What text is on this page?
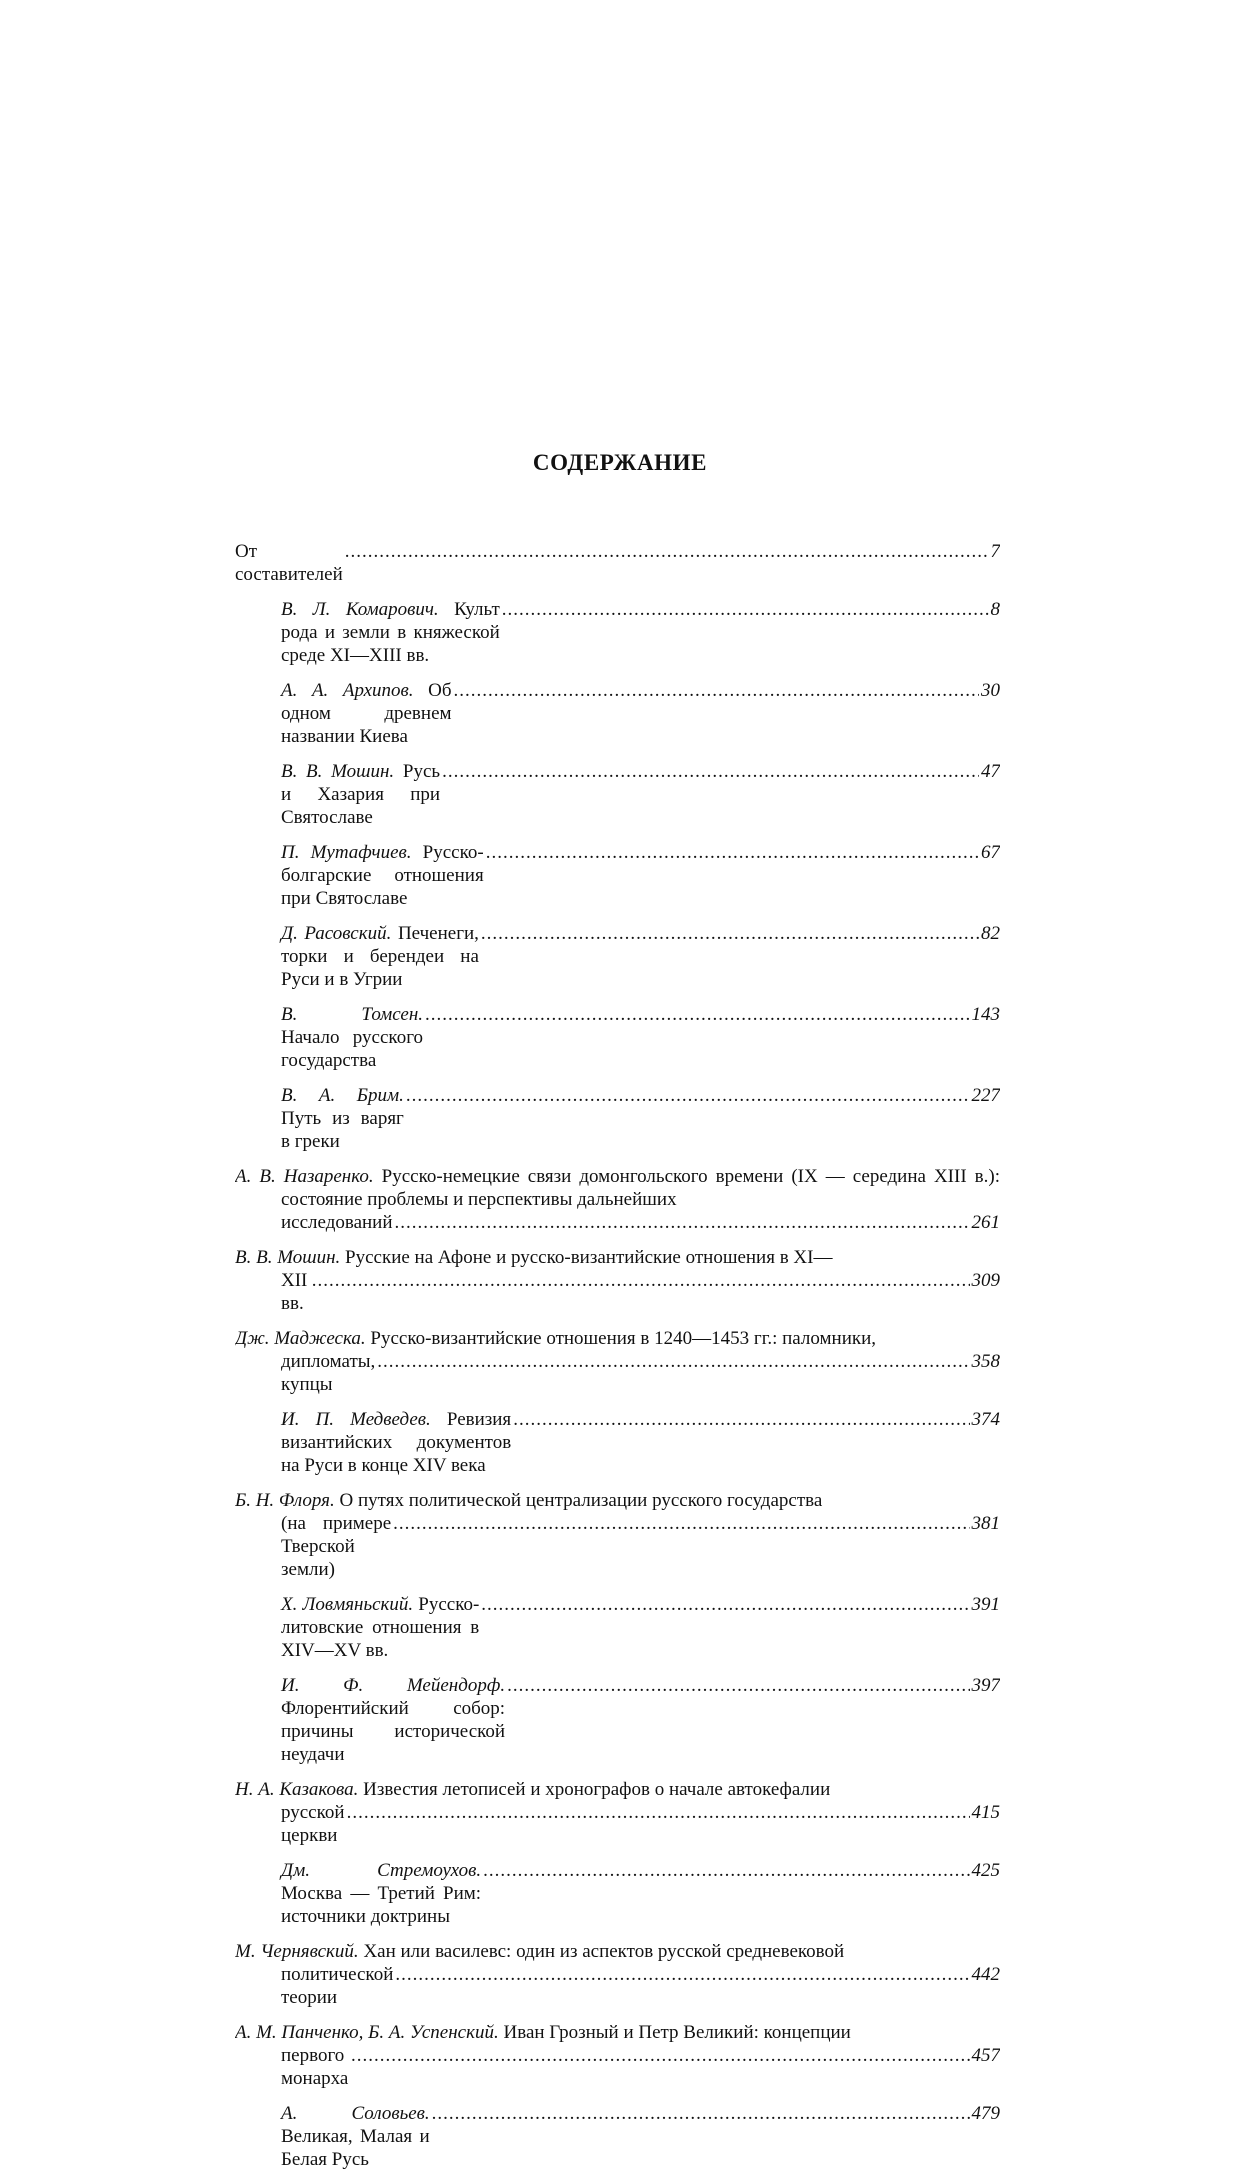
СОДЕРЖАНИЕ
От составителей
.....
7
В. Л. Комарович. Культ рода и земли в княжеской среде XI—XIII вв.
.....
8
А. А. Архипов. Об одном древнем названии Киева
.....
30
В. В. Мошин. Русь и Хазария при Святославе
.....
47
П. Мутафчиев. Русско-болгарские отношения при Святославе
.....
67
Д. Расовский. Печенеги, торки и берендеи на Руси и в Угрии
.....
82
В. Томсен. Начало русского государства
.....
143
В. А. Брим. Путь из варяг в греки
.....
227
А. В. Назаренко. Русско-немецкие связи домонгольского времени (IX — середина XIII в.): состояние проблемы и перспективы дальнейших
исследований
.....	261
В. В. Мошин. Русские на Афоне и русско-византийские отношения в XI—
XII вв.
.....
309
Дж. Маджеска. Русско-византийские отношения в 1240—1453 гг.: паломники,
дипломаты, купцы
.....
358
И. П. Медведев. Ревизия византийских документов на Руси в конце XIV века
.....
374
Б. Н. Флоря. О путях политической централизации русского государства
(на примере Тверской земли)
.....
381
Х. Ловмяньский. Русско-литовские отношения в XIV—XV вв.
.....
391
И. Ф. Мейендорф. Флорентийский собор: причины исторической неудачи
.....
397
Н. А. Казакова. Известия летописей и хронографов о начале автокефалии
русской церкви
.....
415
Дм. Стремоухов. Москва — Третий Рим: источники доктрины
.....
425
М. Чернявский. Хан или василевс: один из аспектов русской средневековой
политической теории
.....
442
А. М. Панченко, Б. А. Успенский. Иван Грозный и Петр Великий: концепции
первого монарха
.....
457
А. Соловьев. Великая, Малая и Белая Русь
.....
479
